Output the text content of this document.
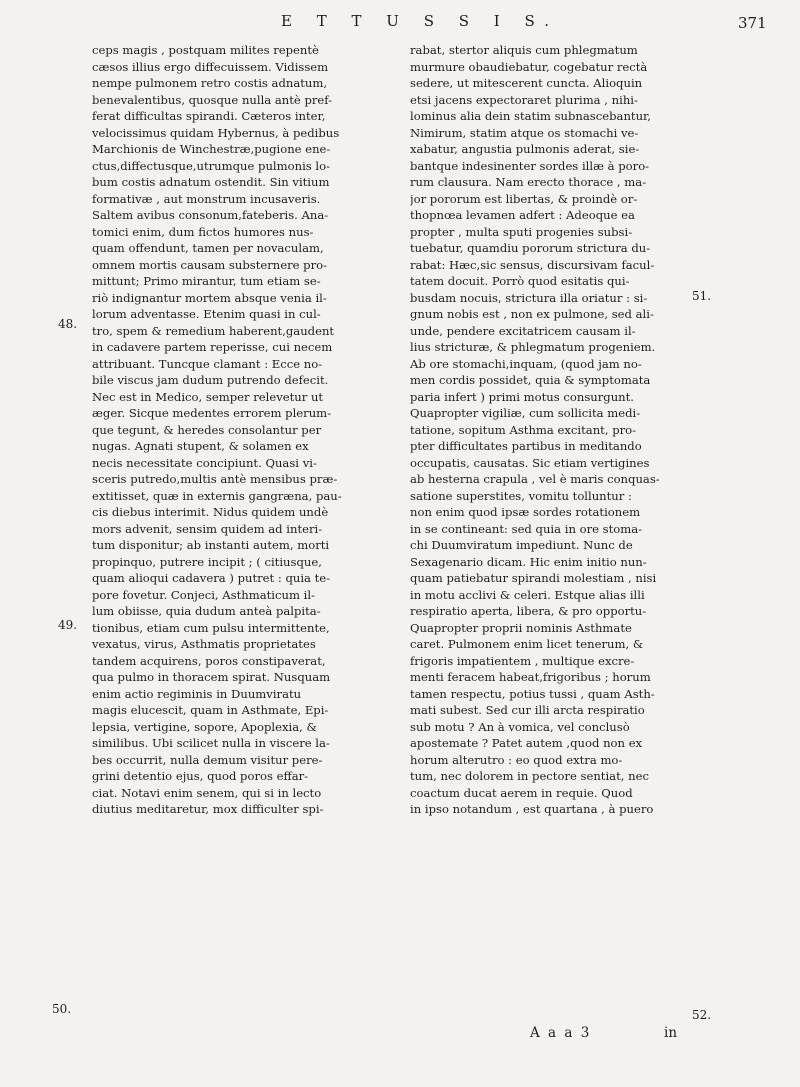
E T T U S S I S.	371
ceps magis , postquam milites repentè
cæsos illius ergo diffecuissem. Vidissem
nempe pulmonem retro costis adnatum,
benevalentibus, quosque nulla antè pref-
ferat difficultas spirandi. Cæteros inter,
velocissimus quidam Hybernus, à pedibus
Marchionis de Winchestræ,pugione ene-
ctus,diffectusque,utrumque pulmonis lo-
bum costis adnatum ostendit. Sin vitium
formativæ , aut monstrum incusaveris.
Saltem avibus consonum,fateberis. Ana-
tomici enim, dum fictos humores nus-
quam offendunt, tamen per novaculam,
omnem mortis causam substernere pro-
mittunt; Primo mirantur, tum etiam se-
riò indignantur mortem absque venia il-
lorum adventasse. Etenim quasi in cul-
tro, spem & remedium haberent,gaudent
in cadavere partem reperisse, cui necem
attribuant. Tuncque clamant : Ecce no-
bile viscus jam dudum putrendo defecit.
Nec est in Medico, semper relevetur ut
æger. Sicque medentes errorem plerum-
que tegunt, & heredes consolantur per
nugas. Agnati stupent, & solamen ex
necis necessitate concipiunt. Quasi vi-
sceris putredo,multis antè mensibus præ-
extitisset, quæ in externis gangræna, pau-
cis diebus interimit. Nidus quidem undè
mors advenit, sensim quidem ad interi-
tum disponitur; ab instanti autem, morti
propinquo, putrere incipit ; ( citiusque,
quam alioqui cadavera ) putret : quia te-
pore fovetur. Conjeci, Asthmaticum il-
lum obiisse, quia dudum anteà palpita-
tionibus, etiam cum pulsu intermittente,
vexatus, virus, Asthmatis proprietates
tandem acquirens, poros constipaverat,
qua pulmo in thoracem spirat. Nusquam
enim actio regiminis in Duumviratu
magis elucescit, quam in Asthmate, Epi-
lepsia, vertigine, sopore, Apoplexia, &
similibus. Ubi scilicet nulla in viscere la-
bes occurrit, nulla demum visitur pere-
grini detentio ejus, quod poros effar-
ciat. Notavi enim senem, qui si in lecto
diutius meditaretur, mox difficulter spi-
rabat, stertor aliquis cum phlegmatum
murmure obaudiebatur, cogebatur rectà
sedere, ut mitescerent cuncta. Alioquin
etsi jacens expectoraret plurima , nihi-
lominus alia dein statim subnascebantur,
Nimirum, statim atque os stomachi ve-
xabatur, angustia pulmonis aderat, sie-
bantque indesinenter sordes illæ à poro-
rum clausura. Nam erecto thorace , ma-
jor pororum est libertas, & proindè or-
thopnœa levamen adfert : Adeoque ea
propter , multa sputi progenies subsi-
tuebatur, quamdiu pororum strictura du-
rabat: Hæc,sic sensus, discursivam facul-
tatem docuit. Porrò quod esitatis qui-
busdam nocuis, strictura illa oriatur : si-
gnum nobis est , non ex pulmone, sed ali-
unde, pendere excitatricem causam il-
lius stricturæ, & phlegmatum progeniem.
Ab ore stomachi,inquam, (quod jam no-
men cordis possidet, quia & symptomata
paria infert ) primi motus consurgunt.
Quapropter vigiliæ, cum sollicita medi-
tatione, sopitum Asthma excitant, pro-
pter difficultates partibus in meditando
occupatis, causatas. Sic etiam vertigines
ab hesterna crapula , vel è maris conquas-
satione superstites, vomitu tolluntur :
non enim quod ipsæ sordes rotationem
in se contineant: sed quia in ore stoma-
chi Duumviratum impediunt. Nunc de
Sexagenario dicam. Hic enim initio nun-
quam patiebatur spirandi molestiam , nisi
in motu acclivi & celeri. Estque alias illi
respiratio aperta, libera, & pro opportu-
Quapropter proprii nominis Asthmate
caret. Pulmonem enim licet tenerum, &
frigoris impatientem , multique excre-
menti feracem habeat,frigoribus ; horum
tamen respectu, potius tussi , quam Asth-
mati subest. Sed cur illi arcta respiratio
sub motu ? An à vomica, vel conclusò
apostemate ? Patet autem ,quod non ex
horum alterutro : eo quod extra mo-
tum, nec dolorem in pectore sentiat, nec
coactum ducat aerem in requie. Quod
in ipso notandum , est quartana , à puero
48.
49.
50.
51.
52.
A a a 3	in
